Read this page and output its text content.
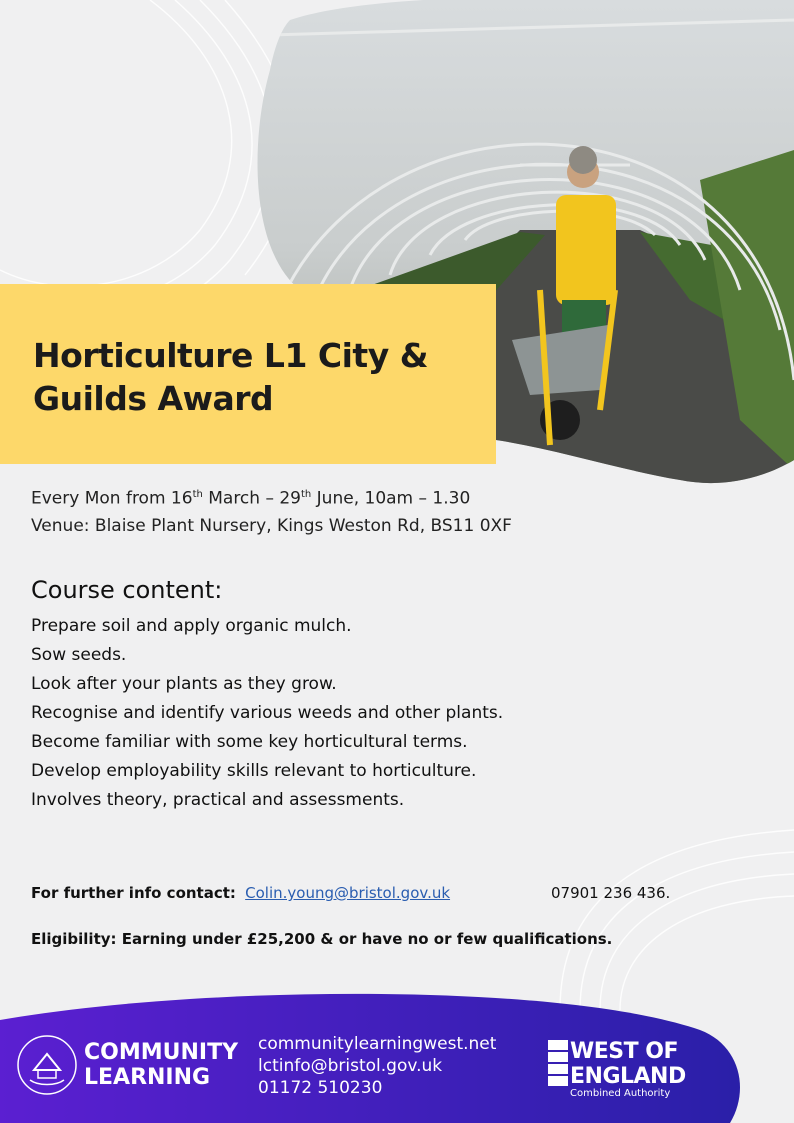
Horticulture L1 City & Guilds Award
Every Mon from 16th March – 29th June, 10am – 1.30
Venue: Blaise Plant Nursery, Kings Weston Rd, BS11 0XF
Course content:
Prepare soil and apply organic mulch.
Sow seeds.
Look after your plants as they grow.
Recognise and identify various weeds and other plants.
Become familiar with some key horticultural terms.
Develop employability skills relevant to horticulture.
Involves theory, practical and assessments.
For further info contact: Colin.young@bristol.gov.uk	07901 236 436.
Eligibility: Earning under £25,200 & or have no or few qualifications.
COMMUNITY
LEARNING
communitylearningwest.net
lctinfo@bristol.gov.uk
01172 510230
WEST OF
ENGLAND
Combined Authority
